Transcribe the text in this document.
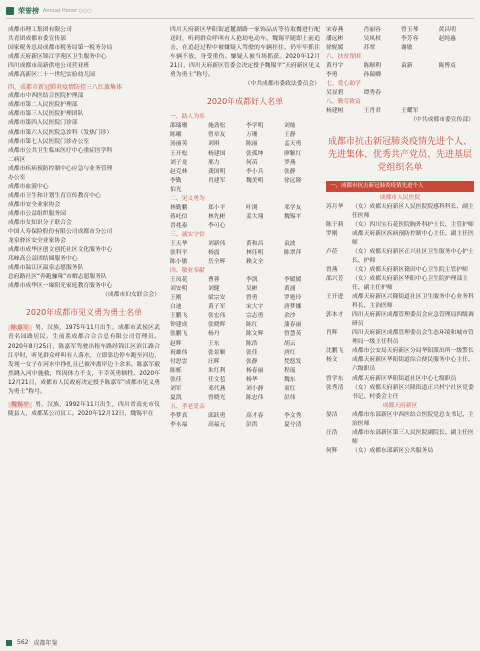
荣誉榜 Annual Honor ○○○
成都市理工集团有限公司
共青团成都市委宣传部
国家税务总局成都市税务局第一税务分局
成都天府新区锦江学苑区卫生服务中心
四川成都市高新供电公司营业班
成都高新区二十一世纪实验幼儿园
四、成都市新冠肺炎疫情防控三八红旗集体
成都市中西医结合医院护理部
成都市第二人民医院护理部
成都市第三人民医院护理团队
成都市第四人民医院门诊部
成都市第六人民医院急诊科（发热门诊）
成都市第七人民医院门诊办公室
成都市公共卫生临床医疗中心重症医学科
二病区
成都市疾病预防控制中心应急与业务管理
办公室
成都市血液中心
成都市卫生和计划生育宣传教育中心
成都市安全业家协会
成都市公益组织服务园
成都市女知识分子联合会
中国人寿保险股份有限公司成都市分公司
龙泉驿区安全业家协会
成都市成华区创文创托社区文化服务中心
邛崃高公益团结圈服务中心
成都市温江区温泉志愿服务队
总府路社区“奔跑骊珠”市解志愿服务队
成都市成华区一缘阳光家庭教育服务中心
（成都市妇女联合会）
2020年成都市见义勇为勇士名单
陈嘉军 男，汉族，1975年11月出生，成都市武侯区武青名园路居民。生前系成都合合合总有限公司管理员。2020年8月25日，陈嘉军驾驶出租车路经锦江区滨江路合江亭时，听见群众呼叫有人落水，立即靠边停车跑至河边，发现一女子在河水中挣扎且已被冲离岸边十余米。陈嘉军毅然跳入河中施救，终因体力不支，不幸英勇牺牲。2020年12月21日，成都市人民政府决定授予陈嘉军“成都市见义勇为勇士”称号。
魏锡平 男，汉族，1992年11月出生，四川省南充市仪陇县人，成都某公司员工。2020年12月12日，魏锡平在
四川天府新区华阳街道麓湖路一家饰品店等待取餐进行配送时，听到群众呼叫有人抢劫电动车。魏锡平随即上前追击，在追赶过程中被嫌疑人驾驶的车辆挂住，仍牢牢抓住车辆不放，身受重伤。嫌疑人被当场抓获。2020年12月21日，四川天府新区管委会决定授予魏锡平“天府新区见义勇为勇士”称号。
（中共成都市委政法委员会）
2020年成都好人名单
一、助人为乐
邵瑞珊	施劲松	李学明	刘灿
陈曦	曾章友	万珊	王静
汤丽英	刘琪	陈丽	孟天勇
王开松	杨建国	张孤坤	廖颖红
刘子龙	邢力	何苗	罗燕
赵克林	龚国明	李小兵	张静
李勤	肖建军	魏美明	徐远隆
伯光
二、见义勇为
林勤鹏	郑小平	叶浏	邓学友
蒋吒信	林先彬	姜大翔	魏锡平
晋兆泰	李可心
三、诚实守信
王天华	刘新伟	黄和昌	袁波
张科平	杨震	林佳明	陈翠萍
陈小敏	岳全辉	赖文全
四、敬业奉献
王凤花	曹蓉	李凯	李媛媛
刘安明	刘健	吴彬	黄涌
王刚	梁宗安	曾勇	罗艳玲
白迪	黄子军	宋大宇	唐梦娜
王鹏飞	张宏伟	宗志勇	余沙
钟建成	张晓晖	陈红	蒲春丽
张鹏飞	杨丹	陈文辉	曾慧英
赵辉	王东	陈浩	胡云
祝雄伟	张景顺	张佳	唐红
付思雲	汪晖	张静	梵悠发
陈栎	朱红利	杨春丽	程瑶
张佳	任文苞	杨华	魏东
刘军	邓代燕	刘小静	童红
夏凯	曾晓光	陈忠伟	彭伟
五、孝老爱亲
李梦真	邱跃勇	高才春	李文秀
李永福	高福元	彭洪	夏兮清
宋春燕	肖丽容	曾玉琴	黄昌明
潘远彬	吴凤权	李芳容	赵纯惠
徐妮媛	苏翠	谢敏
六、扶贫帮困
黄丹宇	陈顺利	袁新	陈博贞
李勇	孙瑞卿
七、爱心助学
吴显碧	谭秀春
八、勤劳致富
杨建树	王肖君	王耀军
（中共成都市委宣传部）
成都市抗击新冠肺炎疫情先进个人、先进集体、优秀共产党员、先进基层党组织名单
一、成都市抗击新冠肺炎疫情先进个人
成都市人民医院
苏月华	（女）成都天府新区人民医院院感科科长、副主任医师
陈于莉	（女）四川宝石花医院胸外科护士长、主管护师
罗刚	成都天府新区疾病预防控制中心主任、副主任医师
卢莅	（女）成都天府新区正兴社区卫生服务中心护士长、护师
曾燕	（女）成都天府新区籍田中心卫生院主管护师
邵兴芳	（女）成都天府新区华阳中心卫生院护理部主任、副主任护师
王开进	成都天府新区兴隆街道社区卫生服务中心业务科科长、主治医师
郭本才	四川天府新区成都管理委员会应急管理局四级调研员
肖辉	四川天府新区成都管理委员会生态环境和城市管理局一级主任科员
沈鹏飞	成都市公安局天府新区分局华阳派出所一级警长
杨文	成都天府新区华阳街道综合便民服务中心主任、六级职员
曾学东	成都天府新区华阳街道社区中心七级职员
张秀清	（女）成都天府新区兴隆街道正兴村宁社区党委书记、村委会主任
成都天府新区
晏洁	成都市东部新区中西医结合医院党总支书记、主治医师
汪浩	成都市东部新区第三人民医院副院长、副主任医师
何辉	（女）成都东部新区公共服务局
562 成都年鉴
